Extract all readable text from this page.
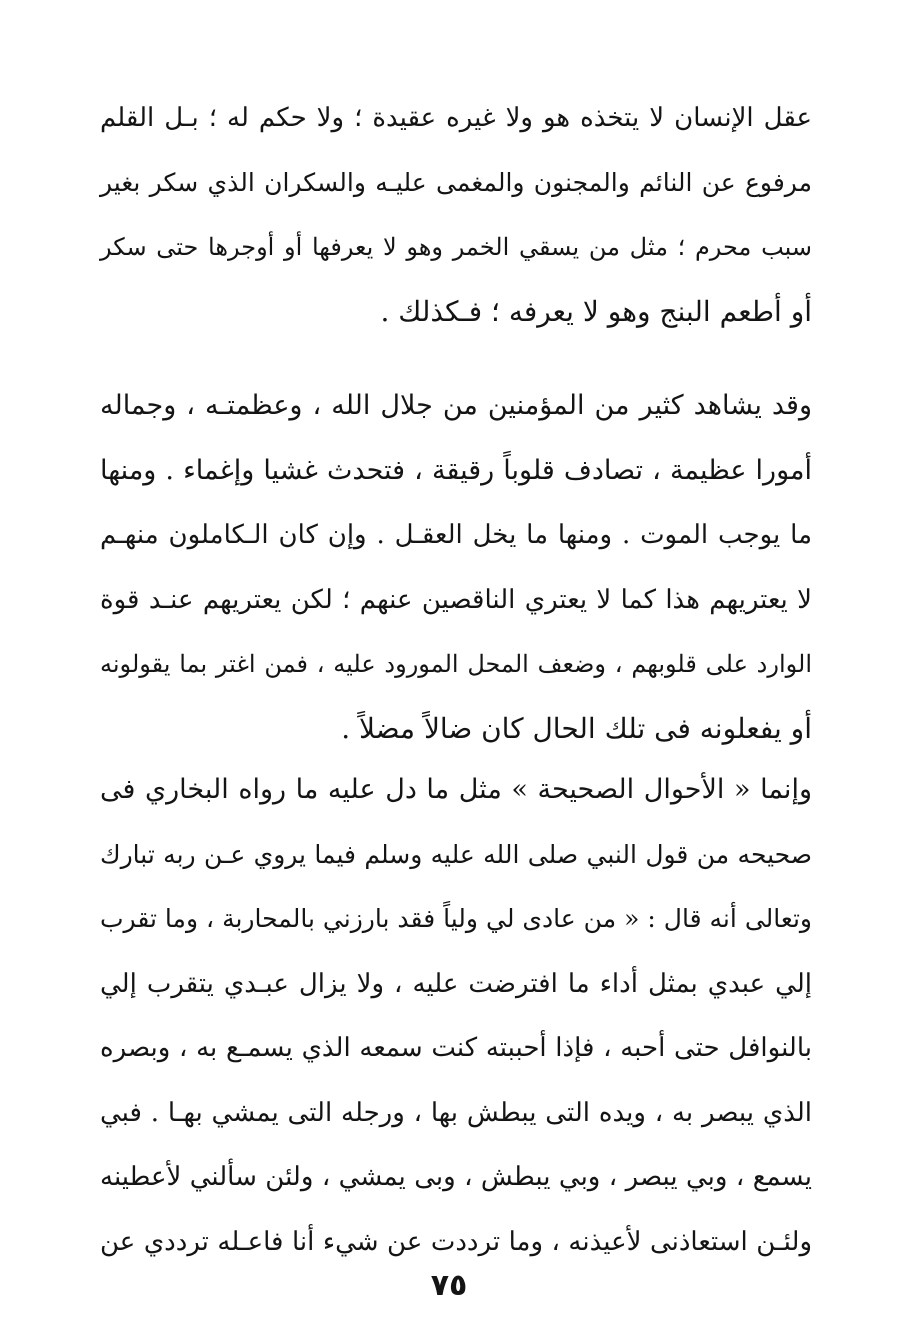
عقل الإنسان لا يتخذه هو ولا غيره عقيدة ؛ ولا حكم له ؛ بـل القلم
مرفوع عن النائم والمجنون والمغمى عليـه والسكران الذي سكر بغير
سبب محرم ؛ مثل من يسقي الخمر وهو لا يعرفها أو أوجرها حتى سكر
أو أطعم البنج وهو لا يعرفه ؛ فـكذلك .
وقد يشاهد كثير من المؤمنين من جلال الله ، وعظمتـه ، وجماله
أمورا عظيمة ، تصادف قلوباً رقيقة ، فتحدث غشيا وإغماء . ومنها
ما يوجب الموت . ومنها ما يخل العقـل . وإن كان الـكاملون منهـم
لا يعتريهم هذا كما لا يعتري الناقصين عنهم ؛ لكن يعتريهم عنـد قوة
الوارد على قلوبهم ، وضعف المحل المورود عليه ، فمن اغتر بما يقولونه
أو يفعلونه فى تلك الحال كان ضالاً مضلاً .
وإنما « الأحوال الصحيحة » مثل ما دل عليه ما رواه البخاري فى
صحيحه من قول النبي صلى الله عليه وسلم فيما يروي عـن ربه تبارك
وتعالى أنه قال : « من عادى لي ولياً فقد بارزني بالمحاربة ، وما تقرب
إلي عبدي بمثل أداء ما افترضت عليه ، ولا يزال عبـدي يتقرب إلي
بالنوافل حتى أحبه ، فإذا أحببته كنت سمعه الذي يسمـع به ، وبصره
الذي يبصر به ، ويده التى يبطش بها ، ورجله التى يمشي بهـا . فبي
يسمع ، وبي يبصر ، وبي يبطش ، وبى يمشي ، ولئن سألني لأعطينه
ولئـن استعاذنى لأعيذنه ، وما ترددت عن شيء أنا فاعـله ترددي عن
٧٥
